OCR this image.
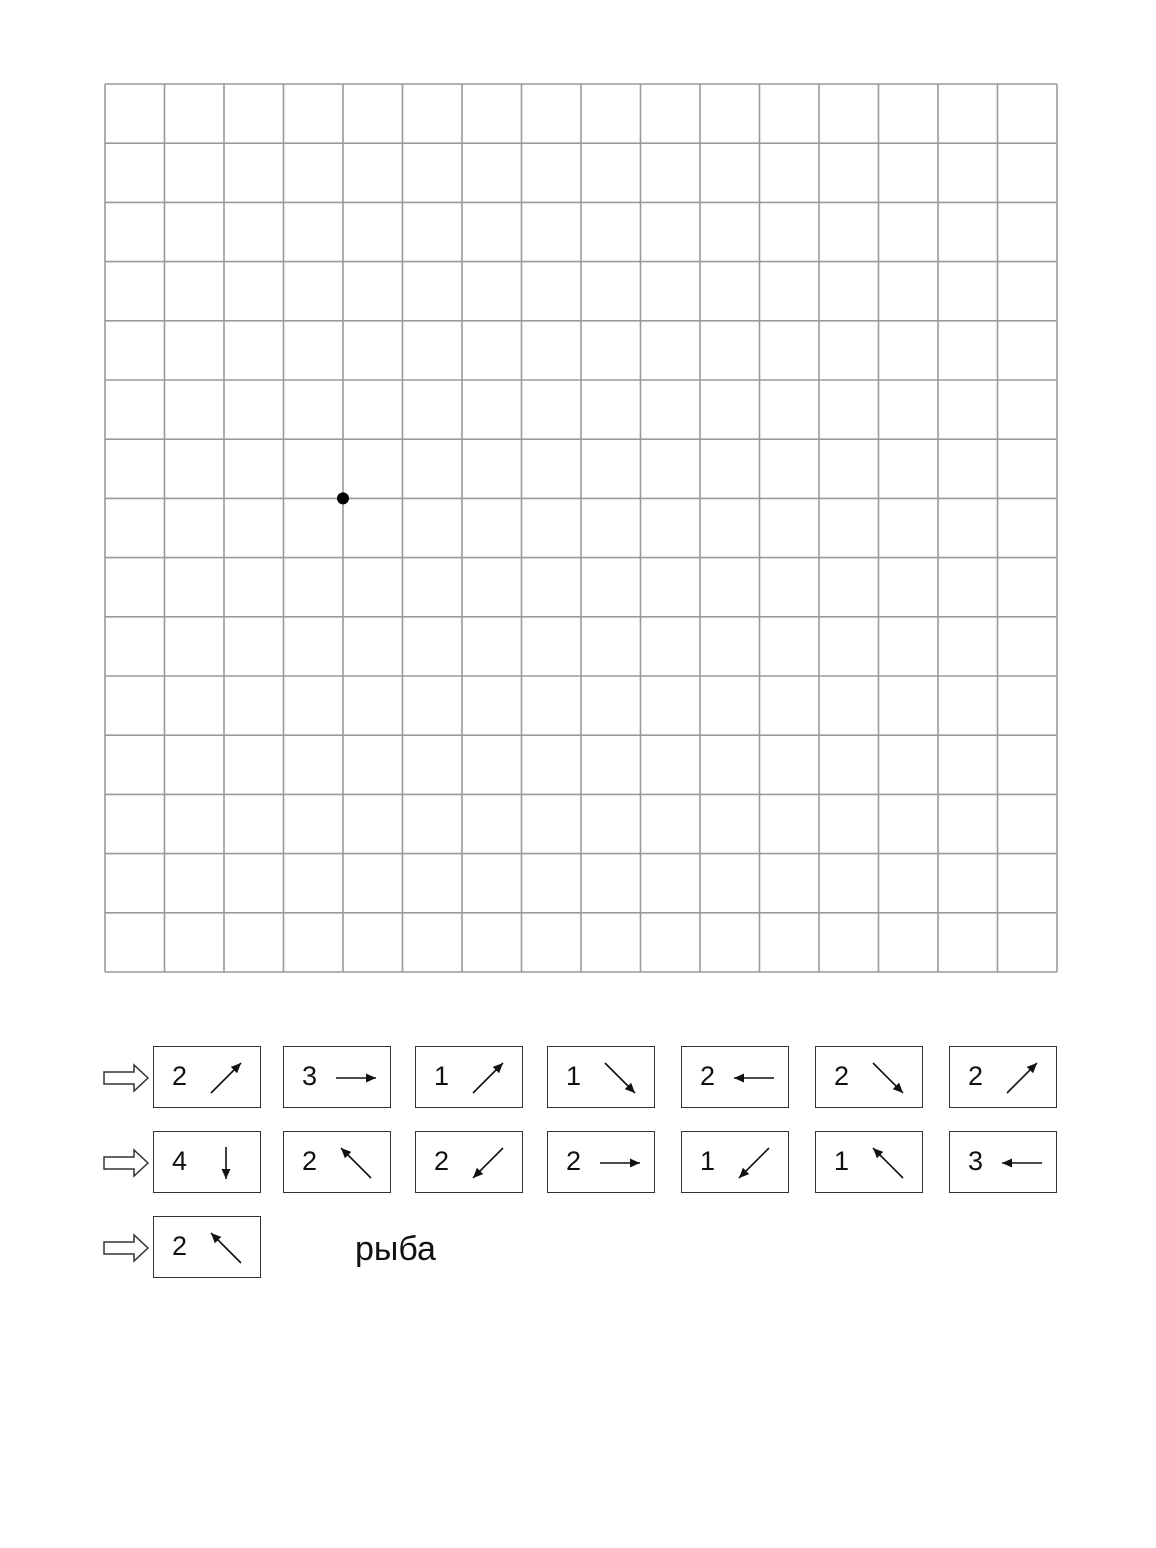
2	3	1	1	2	2	2
4	2	2	2	1	1	3
2	рыба
